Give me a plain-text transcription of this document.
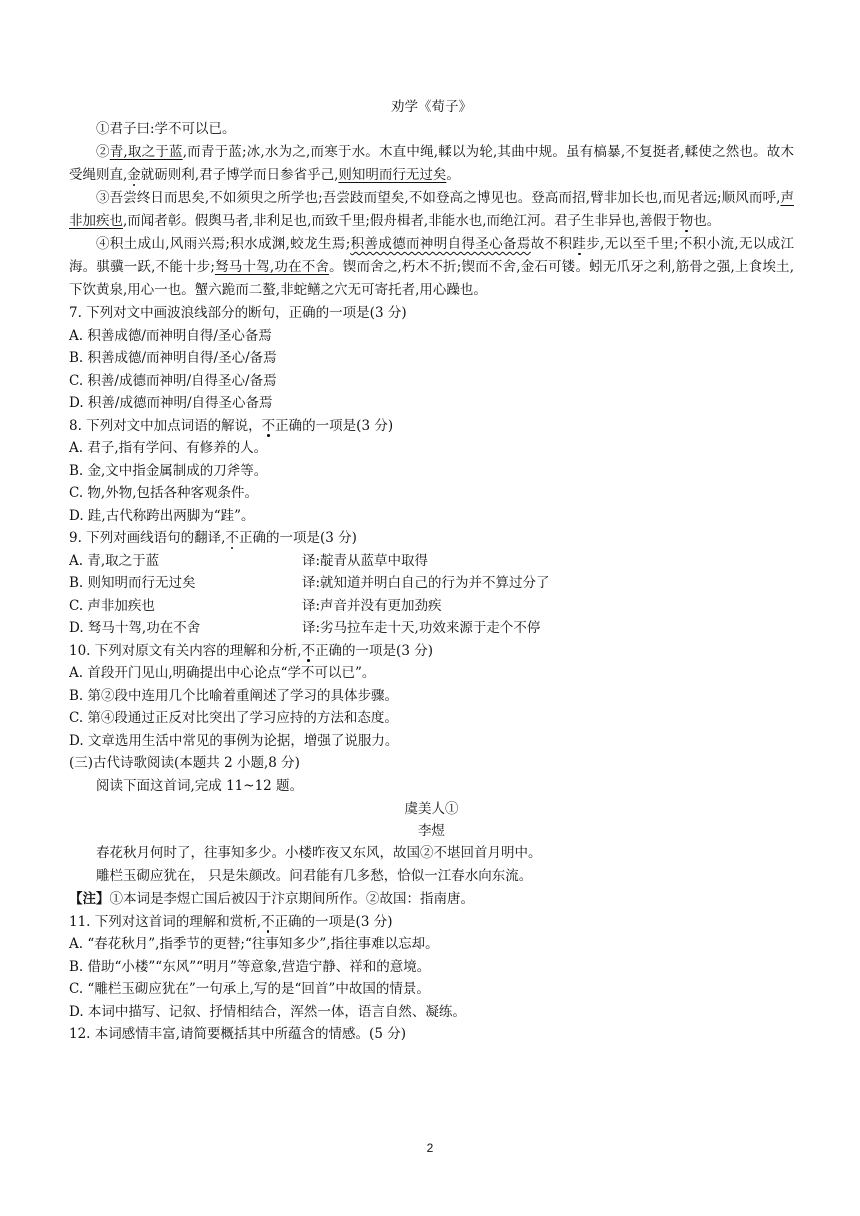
劝学《荀子》
①君子曰:学不可以已。
②青,取之于蓝,而青于蓝;冰,水为之,而寒于水。木直中绳,輮以为轮,其曲中规。虽有槁暴,不复挺者,輮使之然也。故木受绳则直,金就砺则利,君子博学而日参省乎己,则知明而行无过矣。
③吾尝终日而思矣,不如须臾之所学也;吾尝跂而望矣,不如登高之博见也。登高而招,臂非加长也,而见者远;顺风而呼,声非加疾也,而闻者彰。假舆马者,非利足也,而致千里;假舟楫者,非能水也,而绝江河。君子生非异也,善假于物也。
④积土成山,风雨兴焉;积水成渊,蛟龙生焉;积善成德而神明自得圣心备焉故不积跬步,无以至千里;不积小流,无以成江海。骐骥一跃,不能十步;驽马十驾,功在不舍。锲而舍之,朽木不折;锲而不舍,金石可镂。蚓无爪牙之利,筋骨之强,上食埃土,下饮黄泉,用心一也。蟹六跪而二螯,非蛇鳝之穴无可寄托者,用心躁也。
7. 下列对文中画波浪线部分的断句，正确的一项是(3 分)
A. 积善成德/而神明自得/圣心备焉
B. 积善成德/而神明自得/圣心/备焉
C. 积善/成德而神明/自得圣心/备焉
D. 积善/成德而神明/自得圣心备焉
8. 下列对文中加点词语的解说，不正确的一项是(3 分)
A. 君子,指有学问、有修养的人。
B. 金,文中指金属制成的刀斧等。
C. 物,外物,包括各种客观条件。
D. 跬,古代称跨出两脚为“跬”。
9. 下列对画线语句的翻译,不正确的一项是(3 分)
A. 青,取之于蓝	译:靛青从蓝草中取得
B. 则知明而行无过矣	译:就知道并明白自己的行为并不算过分了
C. 声非加疾也	译:声音并没有更加劲疾
D. 驽马十驾,功在不舍	译:劣马拉车走十天,功效来源于走个不停
10. 下列对原文有关内容的理解和分析,不正确的一项是(3 分)
A. 首段开门见山,明确提出中心论点“学不可以已”。
B. 第②段中连用几个比喻着重阐述了学习的具体步骤。
C. 第④段通过正反对比突出了学习应持的方法和态度。
D. 文章选用生活中常见的事例为论据，增强了说服力。
(三)古代诗歌阅读(本题共 2 小题,8 分)
阅读下面这首词,完成 11~12 题。
虞美人①
李煜
春花秋月何时了，往事知多少。小楼昨夜又东风，故国②不堪回首月明中。
雕栏玉砌应犹在， 只是朱颜改。问君能有几多愁，恰似一江春水向东流。
【注】①本词是李煜亡国后被囚于汴京期间所作。②故国：指南唐。
11. 下列对这首词的理解和赏析,不正确的一项是(3 分)
A. “春花秋月”,指季节的更替;“往事知多少”,指往事难以忘却。
B. 借助“小楼”“东风”“明月”等意象,营造宁静、祥和的意境。
C. “雕栏玉砌应犹在”一句承上,写的是“回首”中故国的情景。
D. 本词中描写、记叙、抒情相结合，浑然一体，语言自然、凝练。
12. 本词感情丰富,请简要概括其中所蕴含的情感。(5 分)
2
